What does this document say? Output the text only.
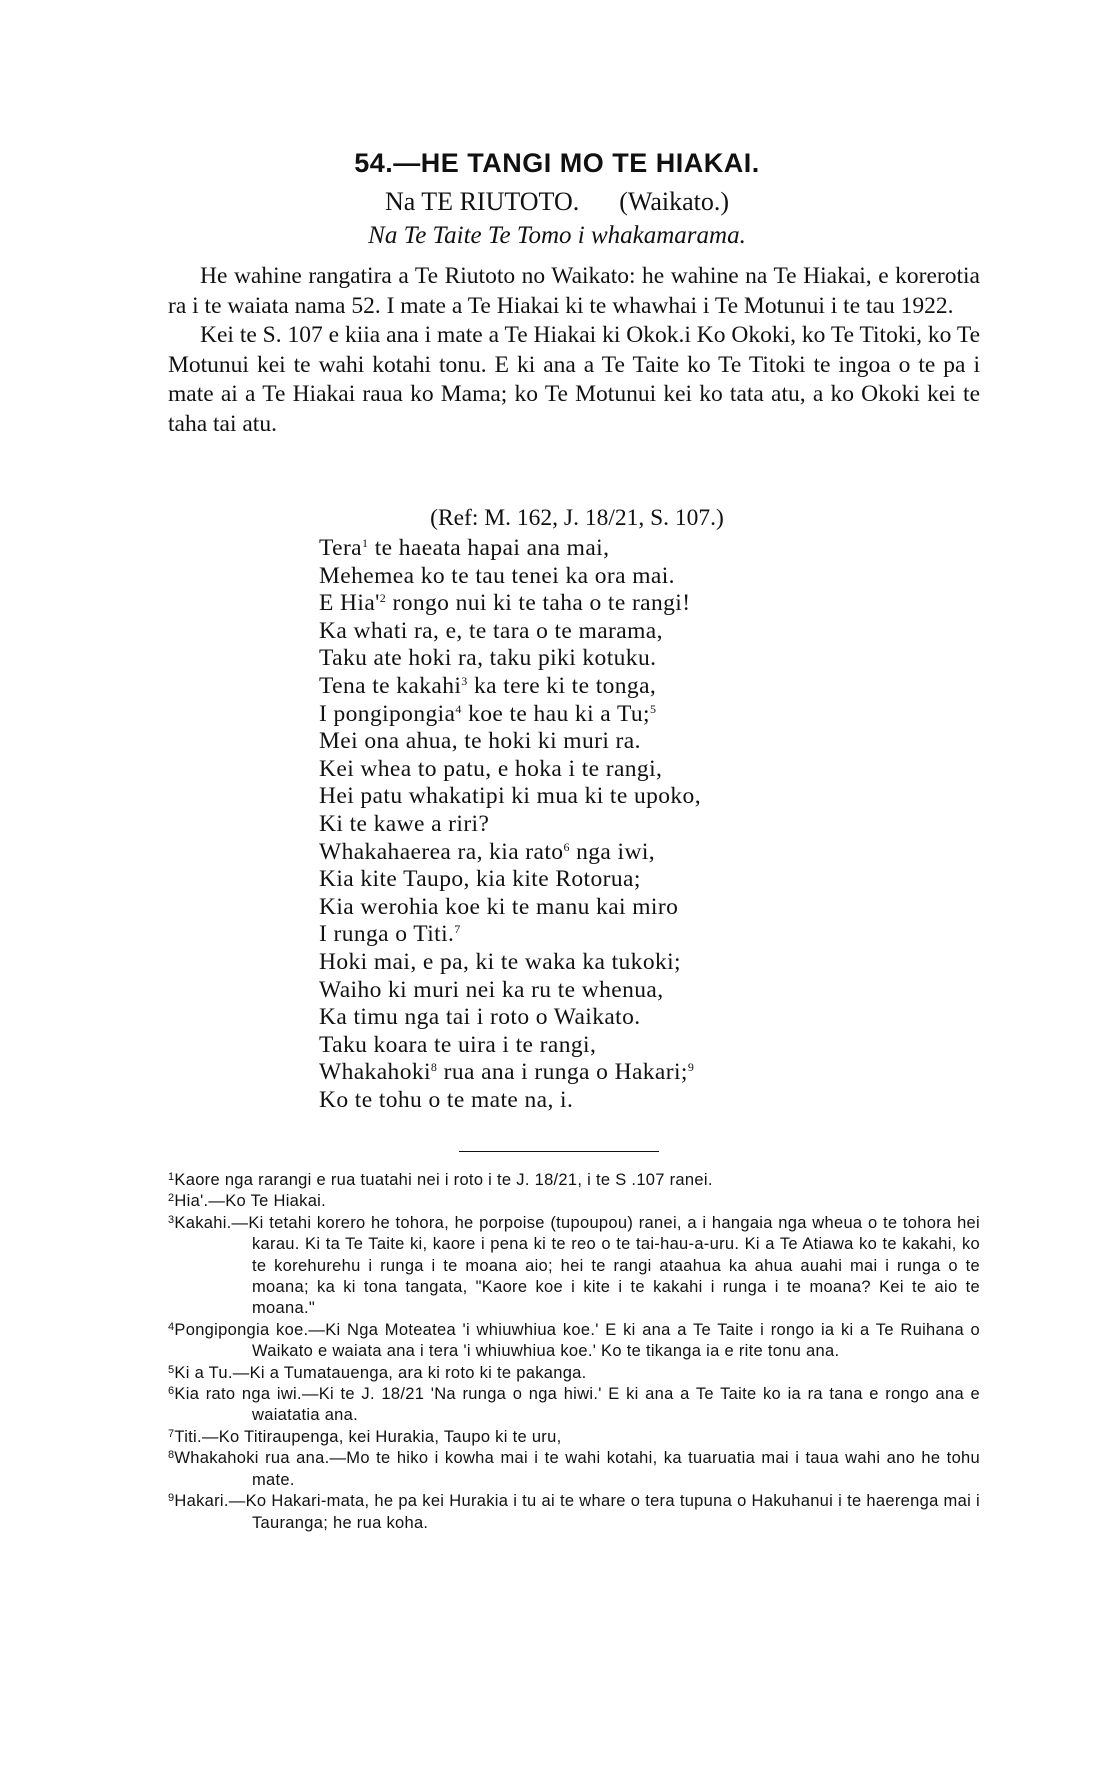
54.—HE TANGI MO TE HIAKAI.
Na TE RIUTOTO. (Waikato.)
Na Te Taite Te Tomo i whakamarama.

He wahine rangatira a Te Riutoto no Waikato: he wahine na Te Hiakai, e korerotia ra i te waiata nama 52. I mate a Te Hiakai ki te whawhai i Te Motunui i te tau 1922.

Kei te S. 107 e kiia ana i mate a Te Hiakai ki Okok.i Ko Okoki, ko Te Titoki, ko Te Motunui kei te wahi kotahi tonu. E ki ana a Te Taite ko Te Titoki te ingoa o te pa i mate ai a Te Hiakai raua ko Mama; ko Te Motunui kei ko tata atu, a ko Okoki kei te taha tai atu.

(Ref: M. 162, J. 18/21, S. 107.)
Tera$^1$ te haeata hapai ana mai,
Mehemea ko te tau tenei ka ora mai.
E $Hia'^2$ rongo nui ki te taha o te rangi!
Ka whati ra, e, te tara o te marama,
Taku ate hoki ra, taku piki kotuku.
Tena te kakahi$^3$ ka tere ki te tonga,
I pongipongia$^4$ koe te hau ki a Tu;$^5$
Mei ona ahua, te hoki ki muri ra.
Kei whea to patu, e hoka i te rangi,
Hei patu whakatipi ki mua ki te upoko,
Ki te kawe a riri?
Whakahaerea ra, kia rato$^6$ nga iwi,
Kia kite Taupo, kia kite Rotorua;
Kia werohia koe ki te manu kai miro
I runga o Titi.$^7$
Hoki mai, e pa, ki te waka ka tukoki;
Waiho ki muri nei ka ru te whenua,
Ka timu nga tai i roto o Waikato.
Taku koara te uira i te rangi,
Whakahoki$^8$ rua ana i runga o Hakari;$^9$
Ko te tohu o te mate na, i.

$^1$Kaore nga rarangi e rua tuatahi nei i roto i te J. 18/21, i te S .107 ranei.

$^2$Hia'.—Ko Te Hiakai.

$^3$Kakahi.—Ki tetahi korero he tohora, he porpoise (tupoupou) ranei, a i hangaia nga wheua o te tohora hei karau. Ki ta Te Taite ki, kaore i pena ki te reo o te tai-hau-a-uru. Ki a Te Atiawa ko te kakahi, ko te korehurehu i runga i te moana aio; hei te rangi ataahua ka ahua auahi mai i runga o te moana; ka ki tona tangata, "Kaore koe i kite i te kakahi i runga i te moana? Kei te aio te moana."

$^4$Pongipongia koe.—Ki Nga Moteatea 'i whiuwhiua koe.' E ki ana a Te Taite i rongo ia ki a Te Ruihana o Waikato e waiata ana i tera 'i whiuwhiua koe.' Ko te tikanga ia e rite tonu ana.

$^5$Ki a Tu.—Ki a Tumatauenga, ara ki roto ki te pakanga.

$^6$Kia rato nga iwi.—Ki te J. 18/21 'Na runga o nga hiwi.' E ki ana a Te Taite ko ia ra tana e rongo ana e waiatatia ana.

$^7$Titi.—Ko Titiraupenga, kei Hurakia, Taupo ki te uru,

$^8$Whakahoki rua ana.—Mo te hiko i kowha mai i te wahi kotahi, ka tuaruatia mai i taua wahi ano he tohu mate.

$^9$Hakari.—Ko Hakari-mata, he pa kei Hurakia i tu ai te whare o tera tupuna o Hakuhanui i te haerenga mai i Tauranga; he rua koha.
